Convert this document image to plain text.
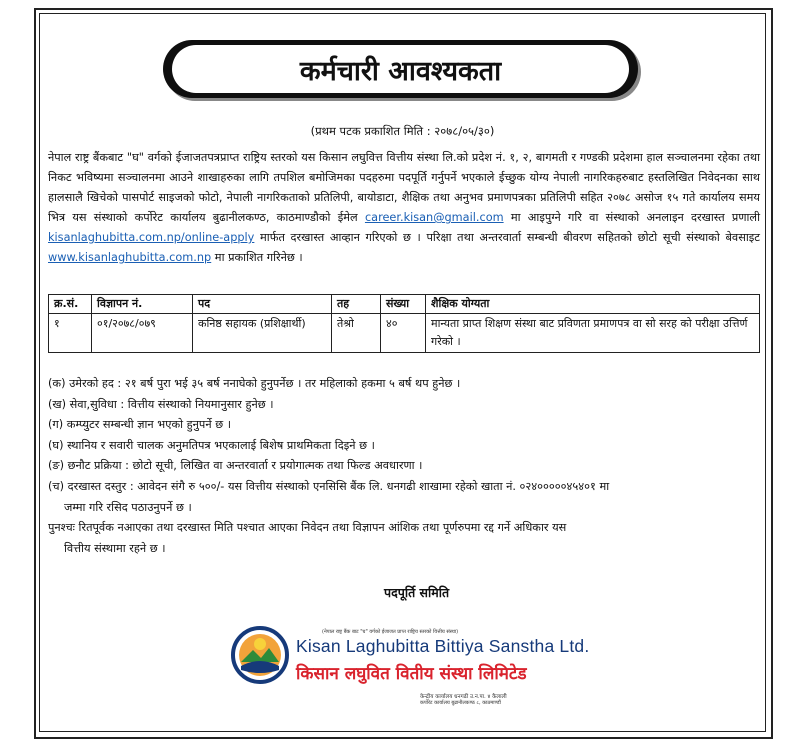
कर्मचारी आवश्यकता
(प्रथम पटक प्रकाशित मिति : २०७८/०५/३०)
नेपाल राष्ट्र बैंकबाट "घ" वर्गको ईजाजतपत्रप्राप्त राष्ट्रिय स्तरको यस किसान लघुवित्त वित्तीय संस्था लि.को प्रदेश नं. १, २, बागमती र गण्डकी प्रदेशमा हाल सञ्चालनमा रहेका तथा निकट भविष्यमा सञ्चालनमा आउने शाखाहरुका लागि तपशिल बमोजिमका पदहरुमा पदपूर्ति गर्नुपर्ने भएकाले ईच्छुक योग्य नेपाली नागरिकहरुबाट हस्तलिखित निवेदनका साथ हालसालै खिचेको पासपोर्ट साइजको फोटो, नेपाली नागरिकताको प्रतिलिपी, बायोडाटा, शैक्षिक तथा अनुभव प्रमाणपत्रका प्रतिलिपी सहित २०७८ असोज १५ गते कार्यालय समय भित्र यस संस्थाको कर्पोरेट कार्यालय बुढानीलकण्ठ, काठमाण्डौको ईमेल career.kisan@gmail.com मा आइपुग्ने गरि वा संस्थाको अनलाइन दरखास्त प्रणाली kisanlaghubitta.com.np/online-apply मार्फत दरखास्त आव्हान गरिएको छ । परिक्षा तथा अन्तरवार्ता सम्बन्धी बीवरण सहितको छोटो सूची संस्थाको बेवसाइट www.kisanlaghubitta.com.np मा प्रकाशित गरिनेछ ।
क्र.सं.	विज्ञापन नं.	पद	तह	संख्या	शैक्षिक योग्यता
१	०१/२०७८/०७९	कनिष्ठ सहायक (प्रशिक्षार्थी)	तेश्रो	४०	मान्यता प्राप्त शिक्षण संस्था बाट प्रविणता प्रमाणपत्र वा सो सरह को परीक्षा उत्तिर्ण गरेको ।

(क) उमेरको हद : २१ बर्ष पुरा भई ३५ बर्ष ननाघेको हुनुपर्नेछ । तर महिलाको हकमा ५ बर्ष थप हुनेछ ।

(ख) सेवा,सुविधा : वित्तीय संस्थाको नियमानुसार हुनेछ ।

(ग) कम्प्युटर सम्बन्धी ज्ञान भएको हुनुपर्ने छ ।

(घ) स्थानिय र सवारी चालक अनुमतिपत्र भएकालाई बिशेष प्राथमिकता दिइने छ ।

(ङ) छनौट प्रक्रिया : छोटो सूची, लिखित वा अन्तरवार्ता र प्रयोगात्मक तथा फिल्ड अवधारणा ।

(च) दरखास्त दस्तुर : आवेदन संगै रु ५००/- यस वित्तीय संस्थाको एनसिसि बैंक लि. धनगढी शाखामा रहेको खाता नं. ०२४०००००४५४०१ मा

जम्मा गरि रसिद पठाउनुपर्ने छ ।

पुनश्चः रितपूर्वक नआएका तथा दरखास्त मिति पश्चात आएका निवेदन तथा विज्ञापन आंशिक तथा पूर्णरुपमा रद्द गर्ने अधिकार यस

वित्तीय संस्थामा रहने छ ।

पदपूर्ति समिति
(नेपाल राष्ट्र बैंक बाट "घ" वर्गको ईजाजत प्राप्त राष्ट्रिय स्तरको वित्तीय संस्था)
Kisan Laghubitta Bittiya Sanstha Ltd.
किसान लघुवित वितीय संस्था लिमिटेड
केन्द्रीय कार्यालय धनगढी उ.न.पा. ४ कैलाली
कर्पोरेट कार्यालय बुढानीलकण्ठ ८, काठमाण्डौं
